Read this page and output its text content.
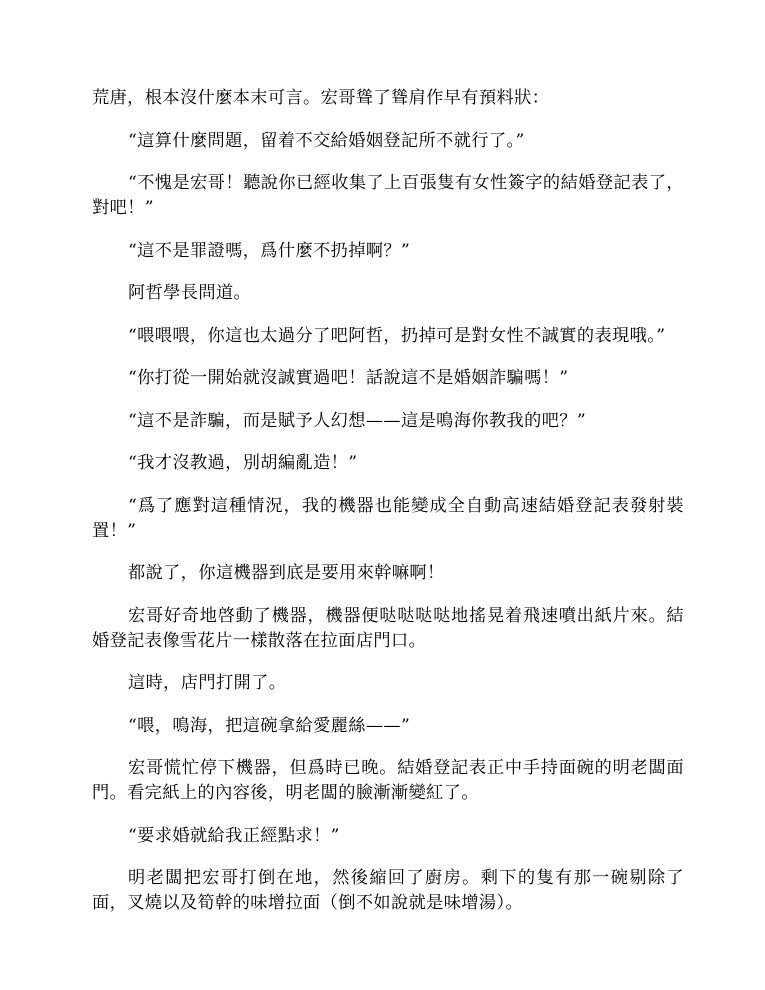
荒唐，根本沒什麼本末可言。宏哥聳了聳肩作早有預料狀：

“這算什麼問題，留着不交給婚姻登記所不就行了。”

“不愧是宏哥！聽說你已經收集了上百張隻有女性簽字的結婚登記表了，對吧！”

“這不是罪證嗎，爲什麼不扔掉啊？”

阿哲學長問道。

“喂喂喂，你這也太過分了吧阿哲，扔掉可是對女性不誠實的表現哦。”

“你打從一開始就沒誠實過吧！話說這不是婚姻詐騙嗎！”

“這不是詐騙，而是賦予人幻想——這是鳴海你教我的吧？”

“我才沒教過，別胡編亂造！”

“爲了應對這種情況，我的機器也能變成全自動高速結婚登記表發射裝置！”

都說了，你這機器到底是要用來幹嘛啊！

宏哥好奇地啓動了機器，機器便哒哒哒哒地搖晃着飛速噴出紙片來。結婚登記表像雪花片一樣散落在拉面店門口。

這時，店門打開了。

“喂，鳴海，把這碗拿給愛麗絲——”

宏哥慌忙停下機器，但爲時已晚。結婚登記表正中手持面碗的明老闆面門。看完紙上的內容後，明老闆的臉漸漸變紅了。

“要求婚就給我正經點求！”

明老闆把宏哥打倒在地，然後縮回了廚房。剩下的隻有那一碗剔除了面，叉燒以及筍幹的味增拉面（倒不如說就是味增湯）。
